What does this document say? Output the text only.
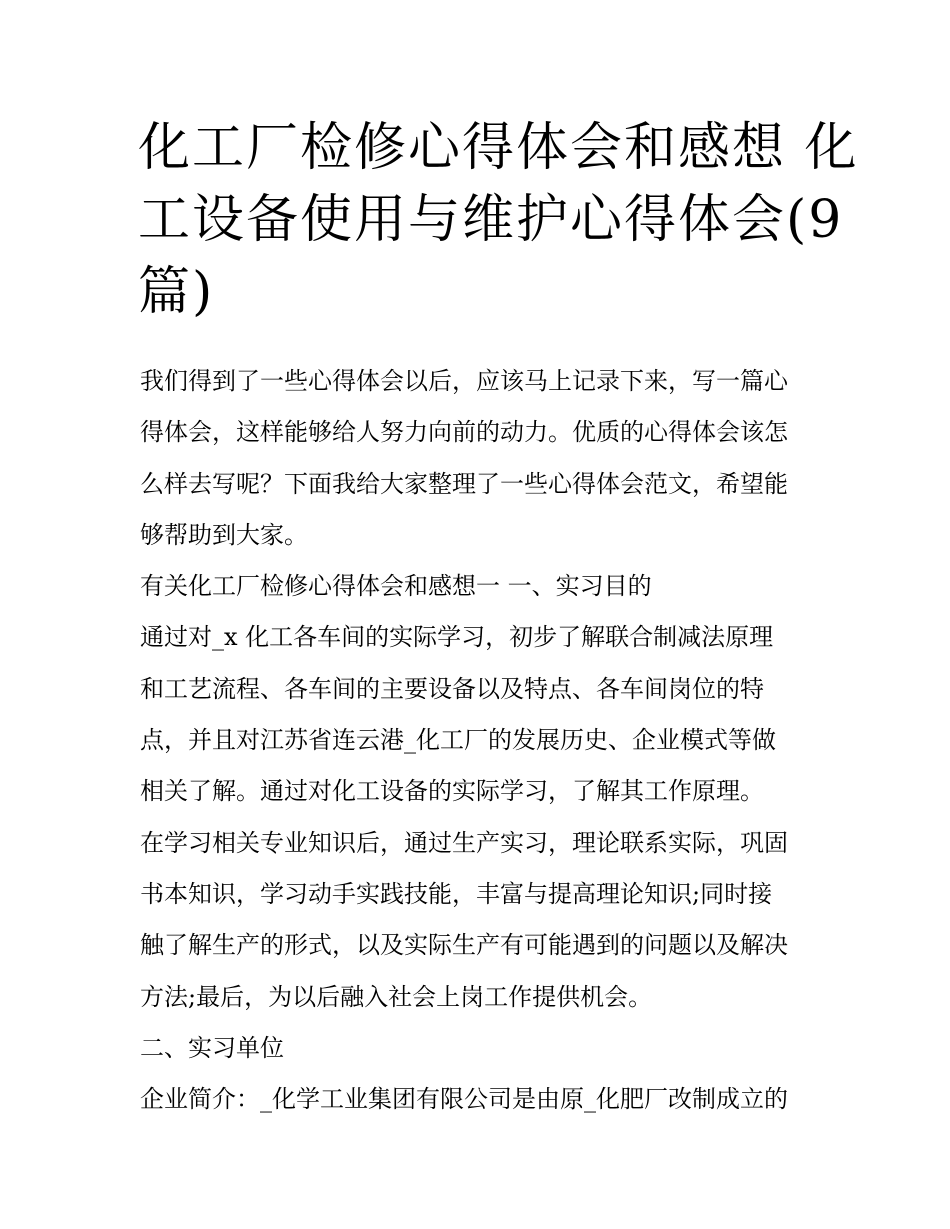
化工厂检修心得体会和感想 化
工设备使用与维护心得体会(9
篇)
我们得到了一些心得体会以后，应该马上记录下来，写一篇心
得体会，这样能够给人努力向前的动力。优质的心得体会该怎
么样去写呢？下面我给大家整理了一些心得体会范文，希望能
够帮助到大家。
有关化工厂检修心得体会和感想一 一、实习目的
通过对_x 化工各车间的实际学习，初步了解联合制减法原理
和工艺流程、各车间的主要设备以及特点、各车间岗位的特
点，并且对江苏省连云港_化工厂的发展历史、企业模式等做
相关了解。通过对化工设备的实际学习，了解其工作原理。
在学习相关专业知识后，通过生产实习，理论联系实际，巩固
书本知识，学习动手实践技能，丰富与提高理论知识;同时接
触了解生产的形式，以及实际生产有可能遇到的问题以及解决
方法;最后，为以后融入社会上岗工作提供机会。
二、实习单位
企业简介：_化学工业集团有限公司是由原_化肥厂改制成立的
